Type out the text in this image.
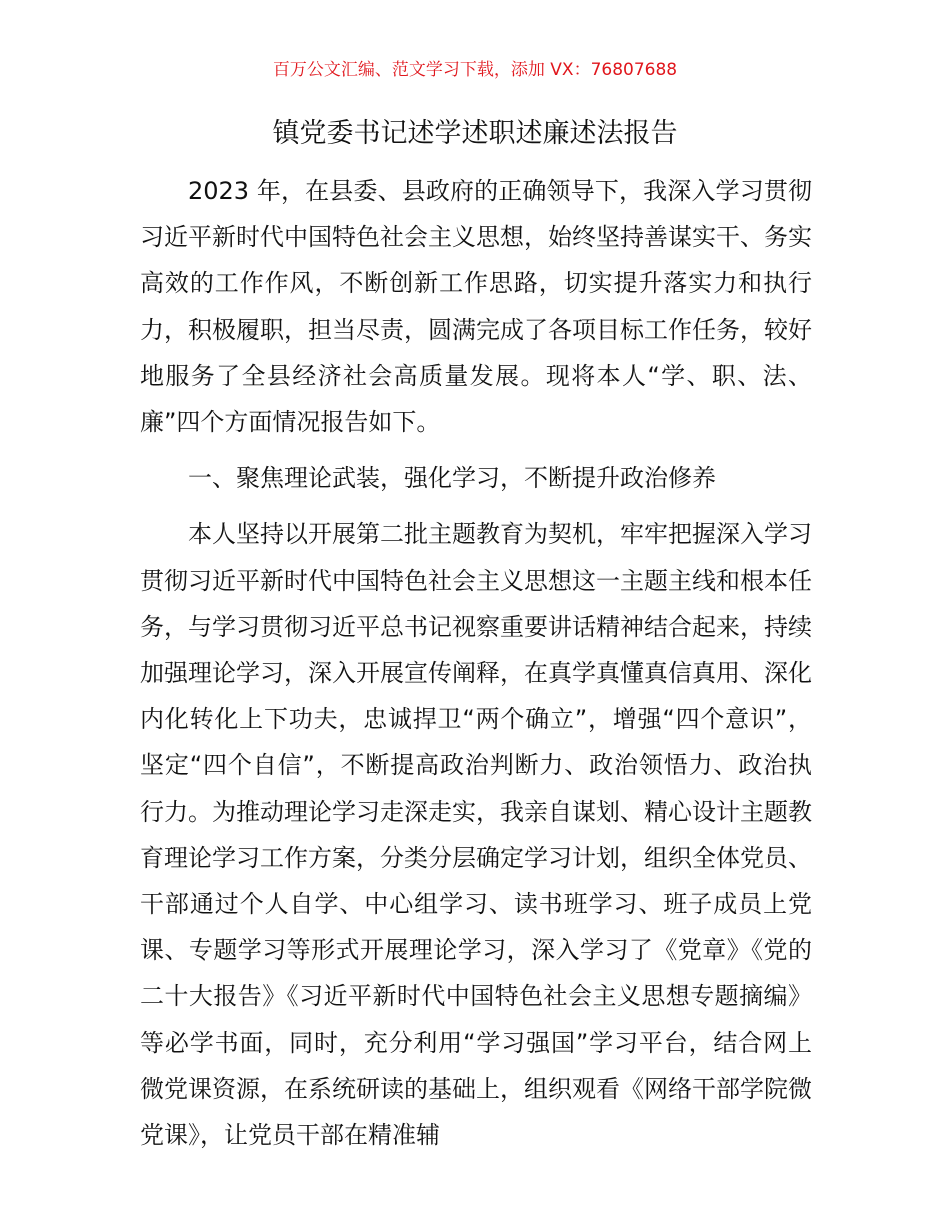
百万公文汇编、范文学习下载，添加 VX：76807688
镇党委书记述学述职述廉述法报告

2023 年，在县委、县政府的正确领导下，我深入学习贯彻习近平新时代中国特色社会主义思想，始终坚持善谋实干、务实高效的工作作风，不断创新工作思路，切实提升落实力和执行力，积极履职，担当尽责，圆满完成了各项目标工作任务，较好地服务了全县经济社会高质量发展。现将本人“学、职、法、廉”四个方面情况报告如下。

一、聚焦理论武装，强化学习，不断提升政治修养

本人坚持以开展第二批主题教育为契机，牢牢把握深入学习贯彻习近平新时代中国特色社会主义思想这一主题主线和根本任务，与学习贯彻习近平总书记视察重要讲话精神结合起来，持续加强理论学习，深入开展宣传阐释，在真学真懂真信真用、深化内化转化上下功夫，忠诚捍卫“两个确立”，增强“四个意识”，坚定“四个自信”，不断提高政治判断力、政治领悟力、政治执行力。为推动理论学习走深走实，我亲自谋划、精心设计主题教育理论学习工作方案，分类分层确定学习计划，组织全体党员、干部通过个人自学、中心组学习、读书班学习、班子成员上党课、专题学习等形式开展理论学习，深入学习了《党章》《党的二十大报告》《习近平新时代中国特色社会主义思想专题摘编》等必学书面，同时，充分利用“学习强国”学习平台，结合网上微党课资源，在系统研读的基础上，组织观看《网络干部学院微党课》，让党员干部在精准辅
